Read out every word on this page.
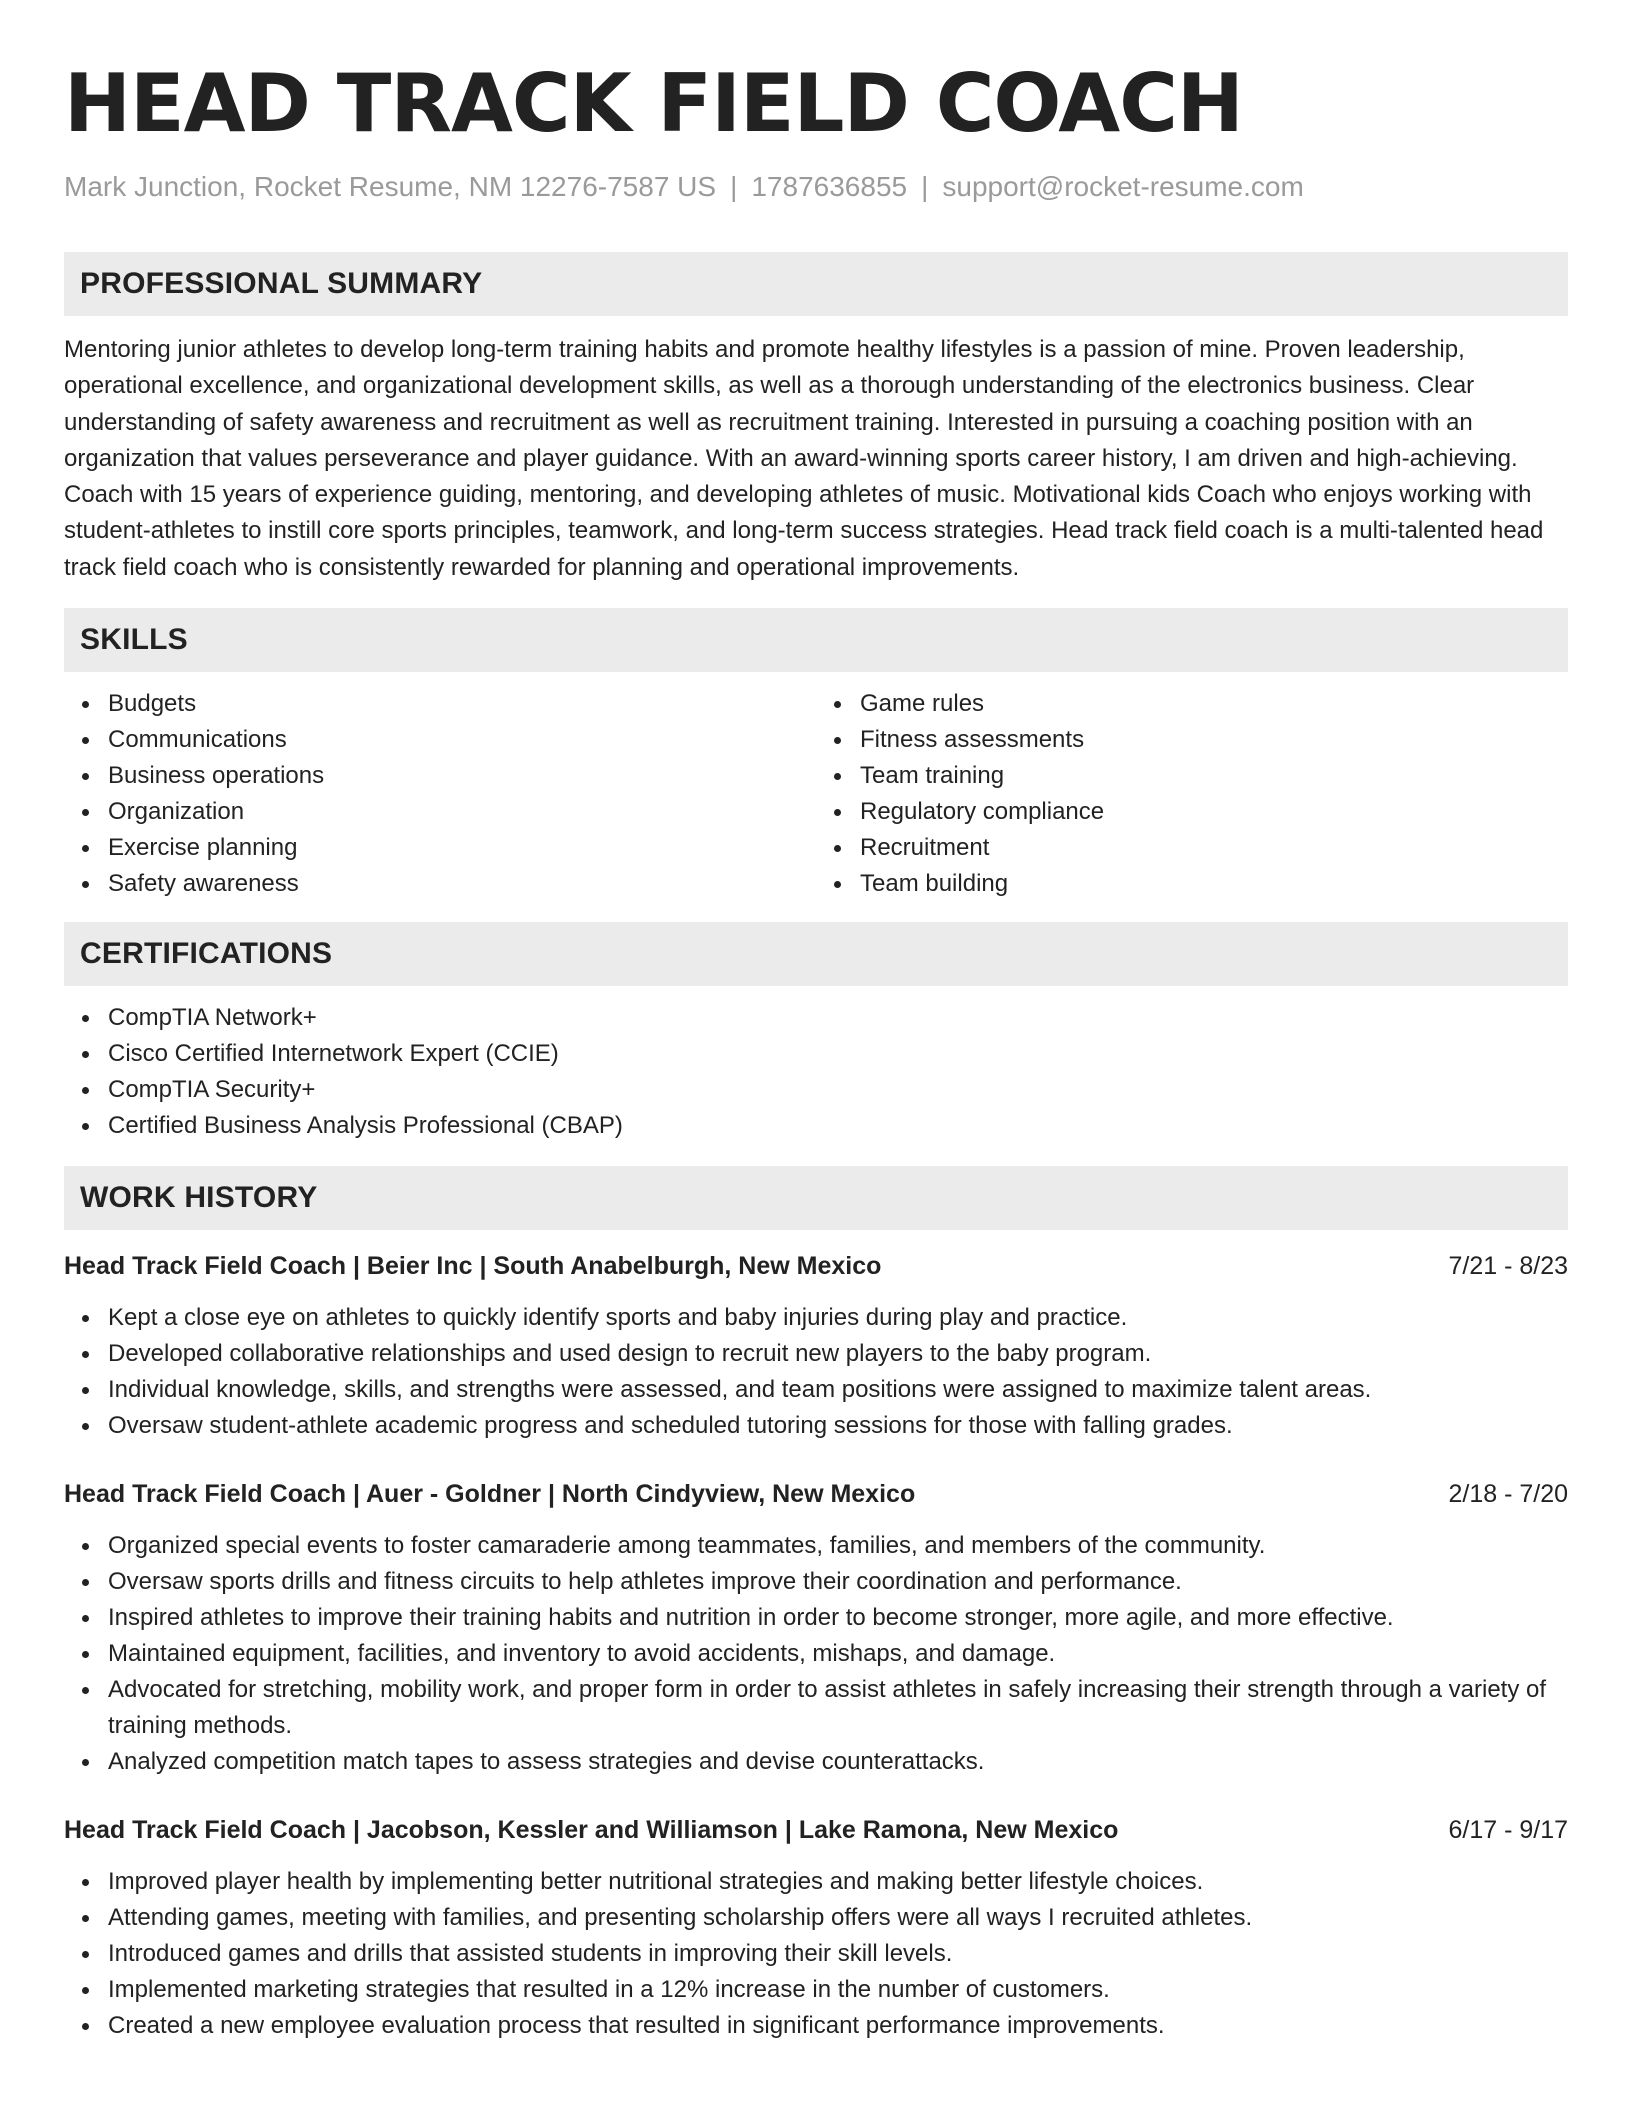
HEAD TRACK FIELD COACH
Mark Junction, Rocket Resume, NM 12276-7587 US | 1787636855 | support@rocket-resume.com
PROFESSIONAL SUMMARY

Mentoring junior athletes to develop long-term training habits and promote healthy lifestyles is a passion of mine. Proven leadership, operational excellence, and organizational development skills, as well as a thorough understanding of the electronics business. Clear understanding of safety awareness and recruitment as well as recruitment training. Interested in pursuing a coaching position with an organization that values perseverance and player guidance. With an award-winning sports career history, I am driven and high-achieving. Coach with 15 years of experience guiding, mentoring, and developing athletes of music. Motivational kids Coach who enjoys working with student-athletes to instill core sports principles, teamwork, and long-term success strategies. Head track field coach is a multi-talented head track field coach who is consistently rewarded for planning and operational improvements.

SKILLS
Budgets
Communications
Business operations
Organization
Exercise planning
Safety awareness
Game rules
Fitness assessments
Team training
Regulatory compliance
Recruitment
Team building
CERTIFICATIONS
CompTIA Network+
Cisco Certified Internetwork Expert (CCIE)
CompTIA Security+
Certified Business Analysis Professional (CBAP)
WORK HISTORY
Head Track Field Coach | Beier Inc | South Anabelburgh, New Mexico	7/21 - 8/23
Kept a close eye on athletes to quickly identify sports and baby injuries during play and practice.
Developed collaborative relationships and used design to recruit new players to the baby program.
Individual knowledge, skills, and strengths were assessed, and team positions were assigned to maximize talent areas.
Oversaw student-athlete academic progress and scheduled tutoring sessions for those with falling grades.
Head Track Field Coach | Auer - Goldner | North Cindyview, New Mexico	2/18 - 7/20
Organized special events to foster camaraderie among teammates, families, and members of the community.
Oversaw sports drills and fitness circuits to help athletes improve their coordination and performance.
Inspired athletes to improve their training habits and nutrition in order to become stronger, more agile, and more effective.
Maintained equipment, facilities, and inventory to avoid accidents, mishaps, and damage.
Advocated for stretching, mobility work, and proper form in order to assist athletes in safely increasing their strength through a variety of training methods.
Analyzed competition match tapes to assess strategies and devise counterattacks.
Head Track Field Coach | Jacobson, Kessler and Williamson | Lake Ramona, New Mexico	6/17 - 9/17
Improved player health by implementing better nutritional strategies and making better lifestyle choices.
Attending games, meeting with families, and presenting scholarship offers were all ways I recruited athletes.
Introduced games and drills that assisted students in improving their skill levels.
Implemented marketing strategies that resulted in a 12% increase in the number of customers.
Created a new employee evaluation process that resulted in significant performance improvements.
